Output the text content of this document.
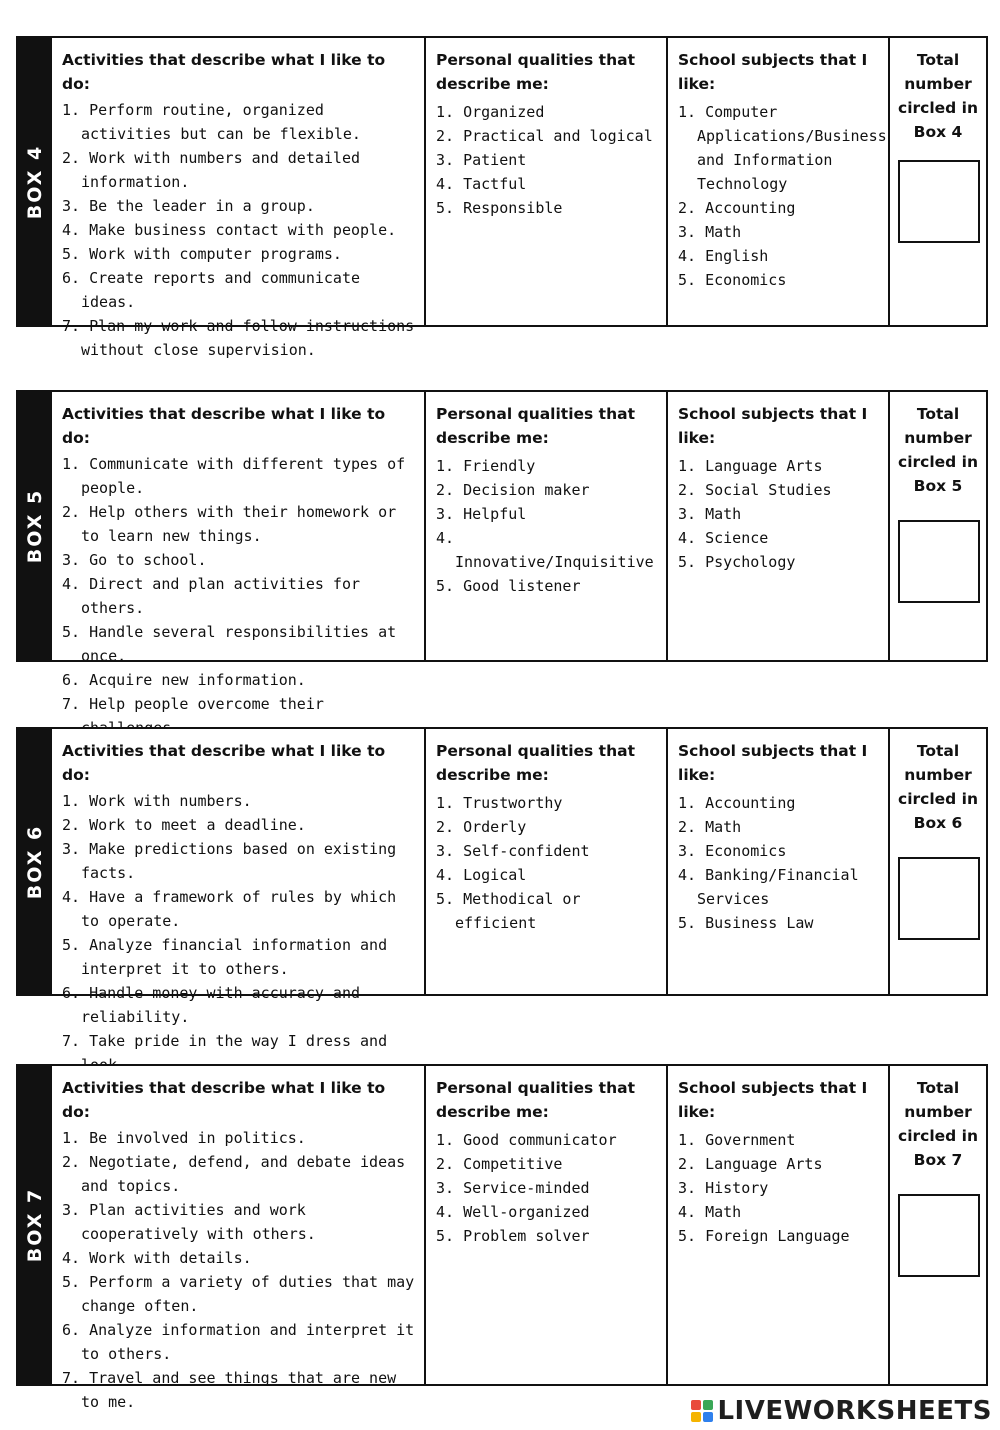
BOX 4
Activities that describe what I like to do:
1. Perform routine, organized activities but can be flexible.
2. Work with numbers and detailed information.
3. Be the leader in a group.
4. Make business contact with people.
5. Work with computer programs.
6. Create reports and communicate ideas.
7. Plan my work and follow instructions without close supervision.
Personal qualities that describe me:
1. Organized
2. Practical and logical
3. Patient
4. Tactful
5. Responsible
School subjects that I like:
1. Computer Applications/Business and Information Technology
2. Accounting
3. Math
4. English
5. Economics
Total number circled in Box 4
BOX 5
Activities that describe what I like to do:
1. Communicate with different types of people.
2. Help others with their homework or to learn new things.
3. Go to school.
4. Direct and plan activities for others.
5. Handle several responsibilities at once.
6. Acquire new information.
7. Help people overcome their
Personal qualities that describe me:
1. Friendly
2. Decision maker
3. Helpful
4. Innovative/Inquisitive
5. Good listener
School subjects that I like:
1. Language Arts
2. Social Studies
3. Math
4. Science
5. Psychology
Total number circled in Box 5
BOX 6
Activities that describe what I like to do:
1. Work with numbers.
2. Work to meet a deadline.
3. Make predictions based on existing facts.
4. Have a framework of rules by which to operate.
5. Analyze financial information and interpret it to others.
6. Handle money with accuracy and reliability.
7. Take pride in the way I dress and
Personal qualities that describe me:
1. Trustworthy
2. Orderly
3. Self-confident
4. Logical
5. Methodical or efficient
School subjects that I like:
1. Accounting
2. Math
3. Economics
4. Banking/Financial Services
5. Business Law
Total number circled in Box 6
BOX 7
Activities that describe what I like to do:
1. Be involved in politics.
2. Negotiate, defend, and debate ideas and topics.
3. Plan activities and work cooperatively with others.
4. Work with details.
5. Perform a variety of duties that may change often.
6. Analyze information and interpret it to others.
7. Travel and see things that are new to me.
Personal qualities that describe me:
1. Good communicator
2. Competitive
3. Service-minded
4. Well-organized
5. Problem solver
School subjects that I like:
1. Government
2. Language Arts
3. History
4. Math
5. Foreign Language
Total number circled in Box 7
LIVEWORKSHEETS
